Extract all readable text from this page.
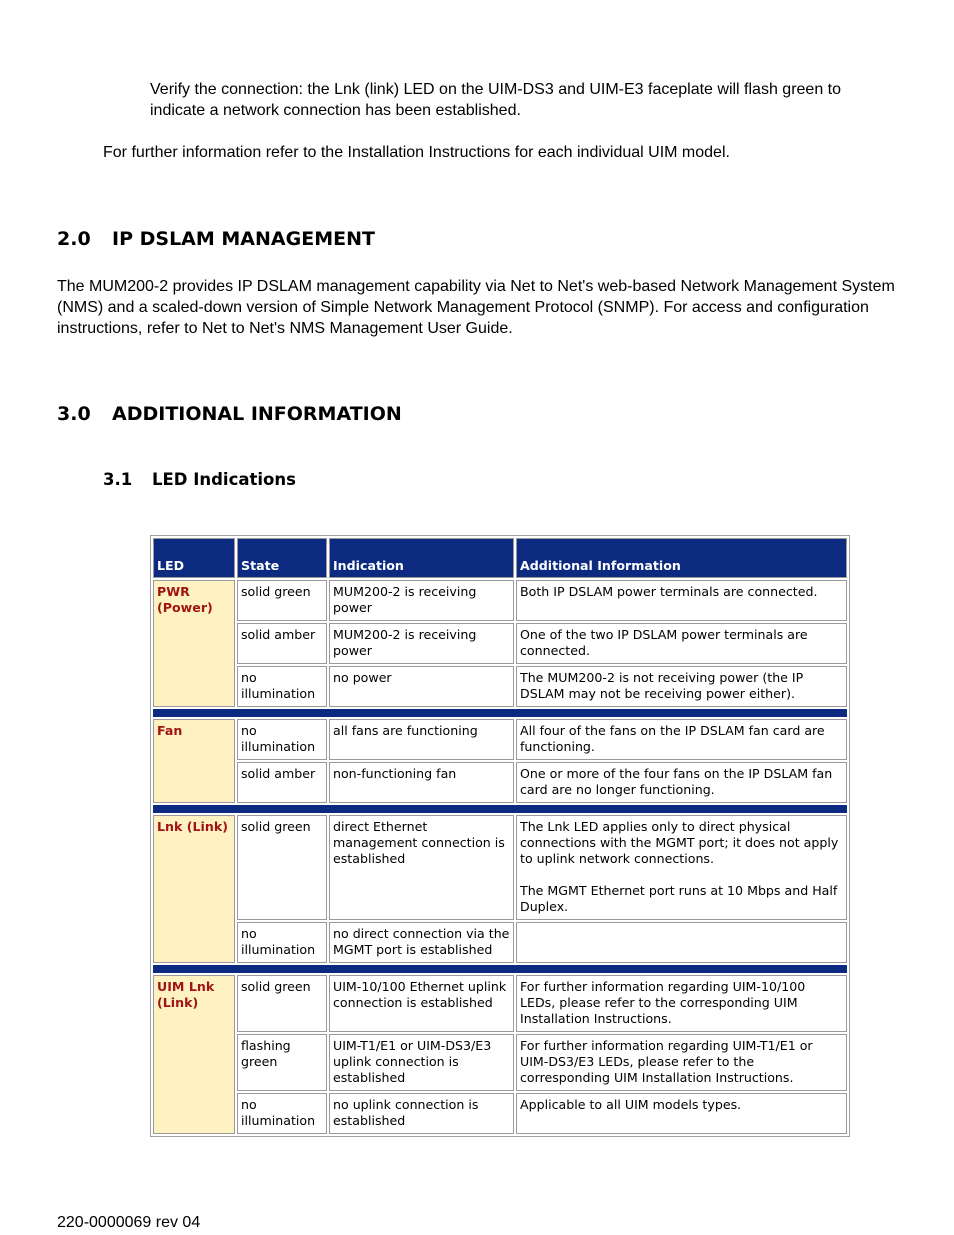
Verify the connection: the Lnk (link) LED on the UIM-DS3 and UIM-E3 faceplate will flash green to indicate a network connection has been established.

For further information refer to the Installation Instructions for each individual UIM model.

2.0 IP DSLAM MANAGEMENT

The MUM200-2 provides IP DSLAM management capability via Net to Net's web-based Network Management System (NMS) and a scaled-down version of Simple Network Management Protocol (SNMP). For access and configuration instructions, refer to Net to Net's NMS Management User Guide.

3.0 ADDITIONAL INFORMATION
3.1 LED Indications
LED	State	Indication	Additional Information
PWR (Power)	solid green	MUM200-2 is receiving power	Both IP DSLAM power terminals are connected.
	solid amber	MUM200-2 is receiving power	One of the two IP DSLAM power terminals are connected.
	no illumination	no power	The MUM200-2 is not receiving power (the IP DSLAM may not be receiving power either).

Fan	no illumination	all fans are functioning	All four of the fans on the IP DSLAM fan card are functioning.
	solid amber	non-functioning fan	One or more of the four fans on the IP DSLAM fan card are no longer functioning.

Lnk (Link)	solid green	direct Ethernet management connection is established	The Lnk LED applies only to direct physical connections with the MGMT port; it does not apply to uplink network connections.
The MGMT Ethernet port runs at 10 Mbps and Half Duplex.
	no illumination	no direct connection via the MGMT port is established	

UIM Lnk (Link)	solid green	UIM-10/100 Ethernet uplink connection is established	For further information regarding UIM-10/100 LEDs, please refer to the corresponding UIM Installation Instructions.
	flashing green	UIM-T1/E1 or UIM-DS3/E3 uplink connection is established	For further information regarding UIM-T1/E1 or UIM-DS3/E3 LEDs, please refer to the corresponding UIM Installation Instructions.
	no illumination	no uplink connection is established	Applicable to all UIM models types.

220-0000069 rev 04
